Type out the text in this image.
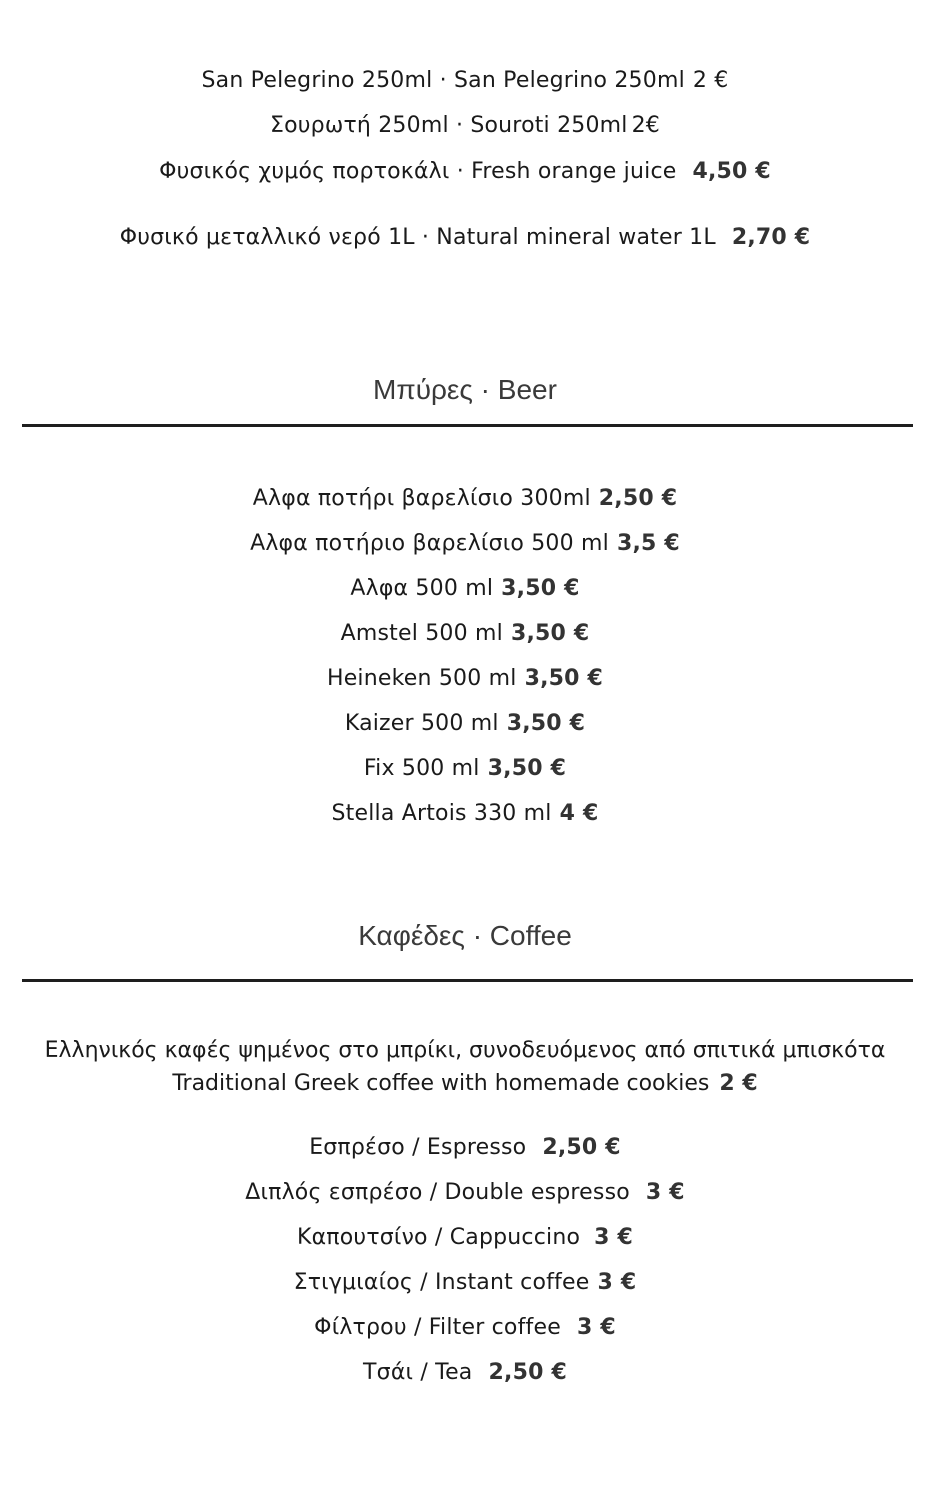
San Pelegrino 250ml · San Pelegrino 250ml 2 €
Σουρωτή 250ml · Souroti 250ml 2€
Φυσικός χυμός πορτοκάλι · Fresh orange juice 4,50 €
Φυσικό μεταλλικό νερό 1L · Natural mineral water 1L 2,70 €
Μπύρες · Beer
Αλφα ποτήρι βαρελίσιο 300ml 2,50 €
Αλφα ποτήριο βαρελίσιο 500 ml 3,5 €
Αλφα 500 ml 3,50 €
Amstel 500 ml 3,50 €
Heineken 500 ml 3,50 €
Kaizer 500 ml 3,50 €
Fix 500 ml 3,50 €
Stella Artois 330 ml 4 €
Καφέδες · Coffee
Ελληνικός καφές ψημένος στο μπρίκι, συνοδευόμενος από σπιτικά μπισκότα
Traditional Greek coffee with homemade cookies 2 €
Εσπρέσο / Espresso 2,50 €
Διπλός εσπρέσο / Double espresso 3 €
Καπουτσίνο / Cappuccino 3 €
Στιγμιαίος / Instant coffee 3 €
Φίλτρου / Filter coffee 3 €
Τσάι / Tea 2,50 €
